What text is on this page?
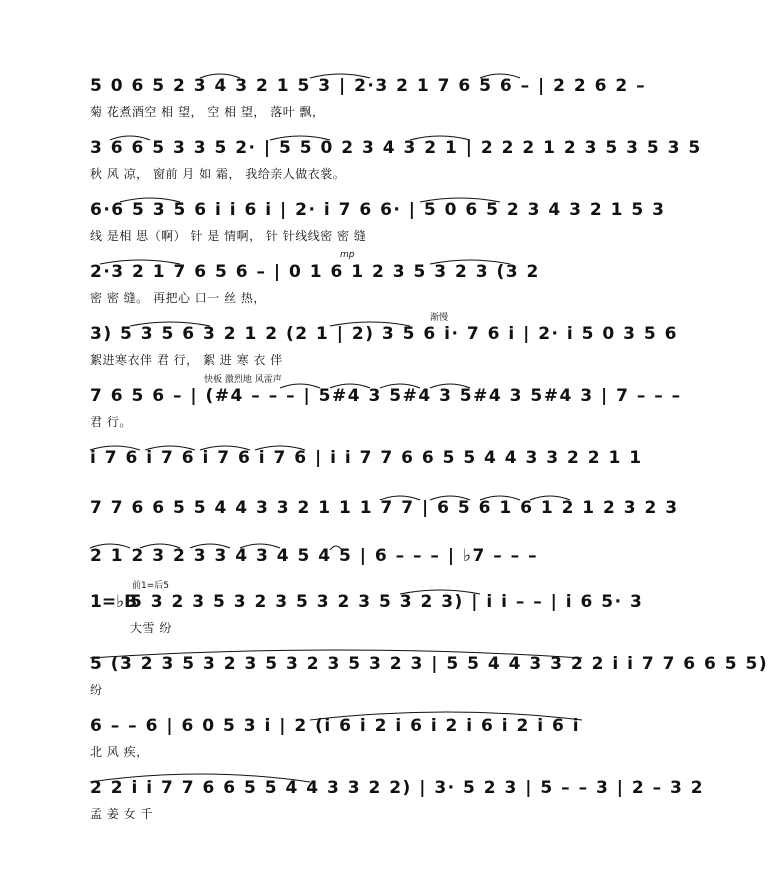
5 0 6 5 2 3 4 3 2 1 5 3 | 2·3 2 1 7 6 5 6 – | 2 2 6 2 –
菊 花煮酒空 相 望， 空 相 望， 落叶 飘，
3 6 6 5 3 3 5 2· | 5 5 0 2 3 4 3 2 1 | 2 2 2 1 2 3 5 3 5 3 5
秋 风 凉， 窗前 月 如 霜， 我给亲人做衣裳。
6·6 5 3 5 6 i i 6 i | 2· i 7 6 6· | 5 0 6 5 2 3 4 3 2 1 5 3
线 是相 思（啊） 针 是 情啊， 针 针线线密 密 缝
mp
2·3 2 1 7 6 5 6 – | 0 1 6 1 2 3 5 3 2 3 (3 2
密 密 缝。 再把心 口一 丝 热，
渐慢
3) 5 3 5 6 3 2 1 2 (2 1 | 2) 3 5 6 i· 7 6 i | 2· i 5 0 3 5 6
絮进寒衣伴 君 行， 絮 进 寒 衣 伴
快板 激烈地 风雷声
7 6 5 6 – | (#4 – – – | 5#4 3 5#4 3 5#4 3 5#4 3 | 7 – – –
君 行。
i 7 6 i 7 6 i 7 6 i 7 6 | i i 7 7 6 6 5 5 4 4 3 3 2 2 1 1
7 7 6 6 5 5 4 4 3 3 2 1 1 1 7 7 | 6 5 6 1 6 1 2 1 2 3 2 3
2 1 2 3 2 3 3 4 3 4 5 4 5 | 6 – – – | ♭7 – – –
1=♭B
前1=后5
5 3 2 3 5 3 2 3 5 3 2 3 5 3 2 3) | i i – – | i 6 5· 3
大雪 纷
5 (3 2 3 5 3 2 3 5 3 2 3 5 3 2 3 | 5 5 4 4 3 3 2 2 i i 7 7 6 6 5 5)
纷
6 – – 6 | 6 0 5 3 i | 2 (i 6 i 2 i 6 i 2 i 6 i 2 i 6 i
北 风 疾，
2 2 i i 7 7 6 6 5 5 4 4 3 3 2 2) | 3· 5 2 3 | 5 – – 3 | 2 – 3 2
孟 姜 女 千
